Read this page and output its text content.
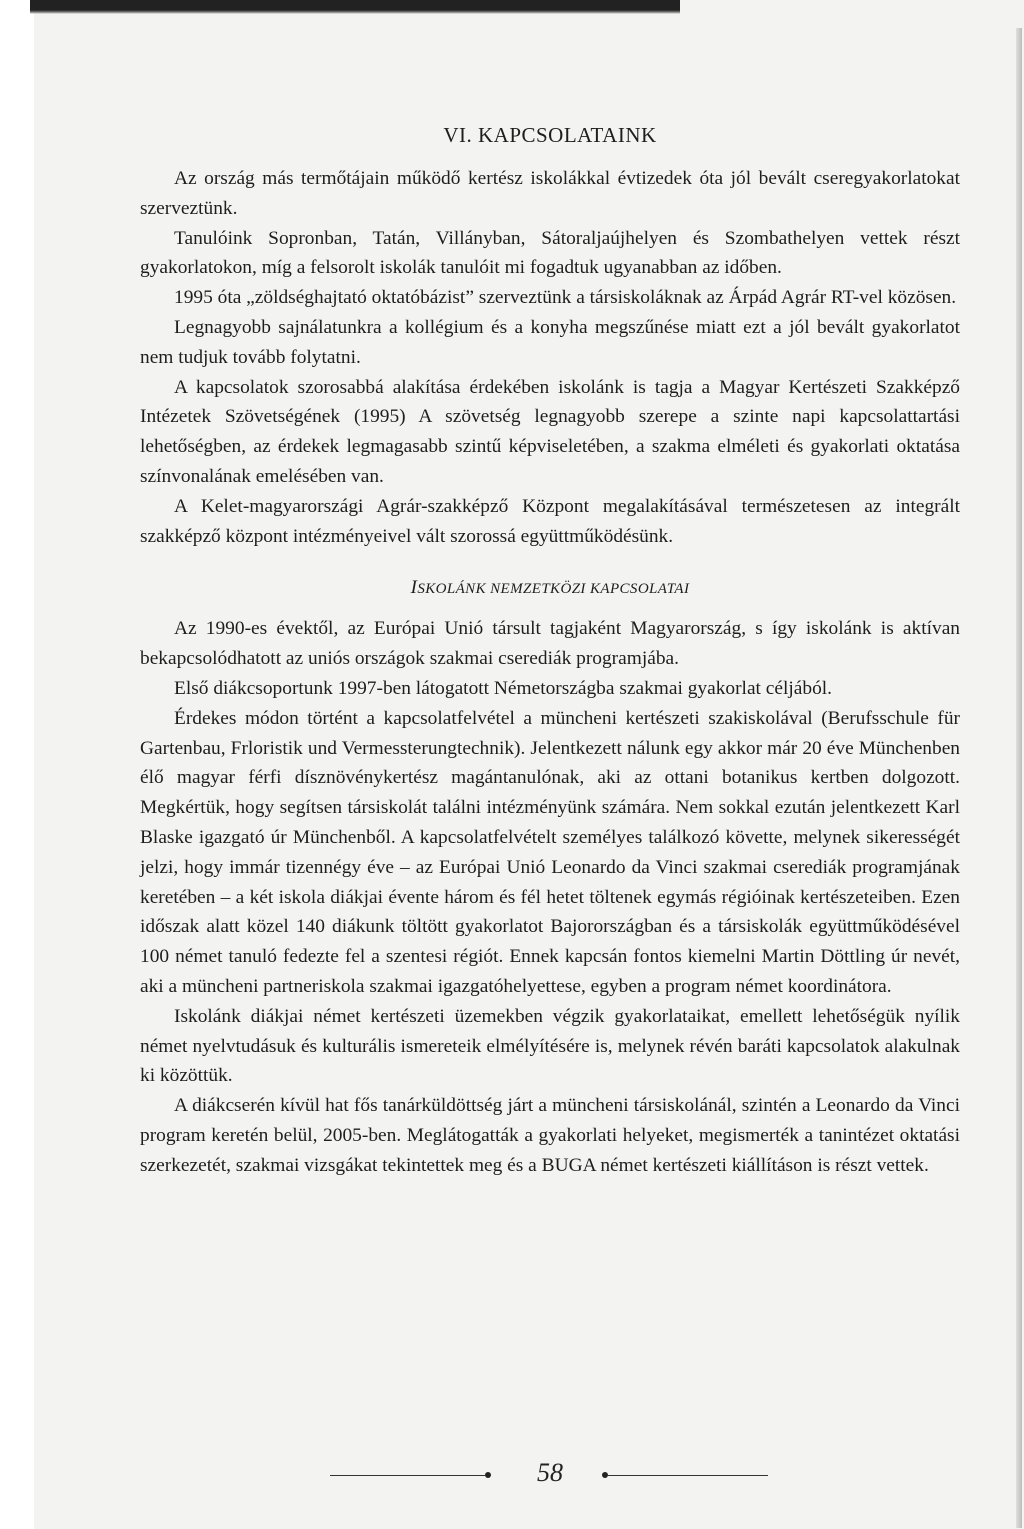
VI. KAPCSOLATAINK

Az ország más termőtájain működő kertész iskolákkal évtizedek óta jól bevált cseregyakorlatokat szerveztünk.

Tanulóink Sopronban, Tatán, Villányban, Sátoraljaújhelyen és Szombathelyen vettek részt gyakorlatokon, míg a felsorolt iskolák tanulóit mi fogadtuk ugyanabban az időben.

1995 óta „zöldséghajtató oktatóbázist” szerveztünk a társiskoláknak az Árpád Agrár RT-vel közösen.

Legnagyobb sajnálatunkra a kollégium és a konyha megszűnése miatt ezt a jól bevált gyakorlatot nem tudjuk tovább folytatni.

A kapcsolatok szorosabbá alakítása érdekében iskolánk is tagja a Magyar Kertészeti Szakképző Intézetek Szövetségének (1995) A szövetség legnagyobb szerepe a szinte napi kapcsolattartási lehetőségben, az érdekek legmagasabb szintű képviseletében, a szakma elméleti és gyakorlati oktatása színvonalának emelésében van.

A Kelet-magyarországi Agrár-szakképző Központ megalakításával természetesen az integrált szakképző központ intézményeivel vált szorossá együttműködésünk.

ISKOLÁNK NEMZETKÖZI KAPCSOLATAI

Az 1990-es évektől, az Európai Unió társult tagjaként Magyarország, s így iskolánk is aktívan bekapcsolódhatott az uniós országok szakmai cserediák programjába.

Első diákcsoportunk 1997-ben látogatott Németországba szakmai gyakorlat céljából.

Érdekes módon történt a kapcsolatfelvétel a müncheni kertészeti szakiskolával (Berufsschule für Gartenbau, Frloristik und Vermessterungtechnik). Jelentkezett nálunk egy akkor már 20 éve Münchenben élő magyar férfi dísznövénykertész magántanulónak, aki az ottani botanikus kertben dolgozott. Megkértük, hogy segítsen társiskolát találni intézményünk számára. Nem sokkal ezután jelentkezett Karl Blaske igazgató úr Münchenből. A kapcsolatfelvételt személyes találkozó követte, melynek sikerességét jelzi, hogy immár tizennégy éve – az Európai Unió Leonardo da Vinci szakmai cserediák programjának keretében – a két iskola diákjai évente három és fél hetet töltenek egymás régióinak kertészeteiben. Ezen időszak alatt közel 140 diákunk töltött gyakorlatot Bajorországban és a társiskolák együttműködésével 100 német tanuló fedezte fel a szentesi régiót. Ennek kapcsán fontos kiemelni Martin Döttling úr nevét, aki a müncheni partneriskola szakmai igazgatóhelyettese, egyben a program német koordinátora.

Iskolánk diákjai német kertészeti üzemekben végzik gyakorlataikat, emellett lehetőségük nyílik német nyelvtudásuk és kulturális ismereteik elmélyítésére is, melynek révén baráti kapcsolatok alakulnak ki közöttük.

A diákcserén kívül hat fős tanárküldöttség járt a müncheni társiskolánál, szintén a Leonardo da Vinci program keretén belül, 2005-ben. Meglátogatták a gyakorlati helyeket, megismerték a tanintézet oktatási szerkezetét, szakmai vizsgákat tekintettek meg és a BUGA német kertészeti kiállításon is részt vettek.

58
